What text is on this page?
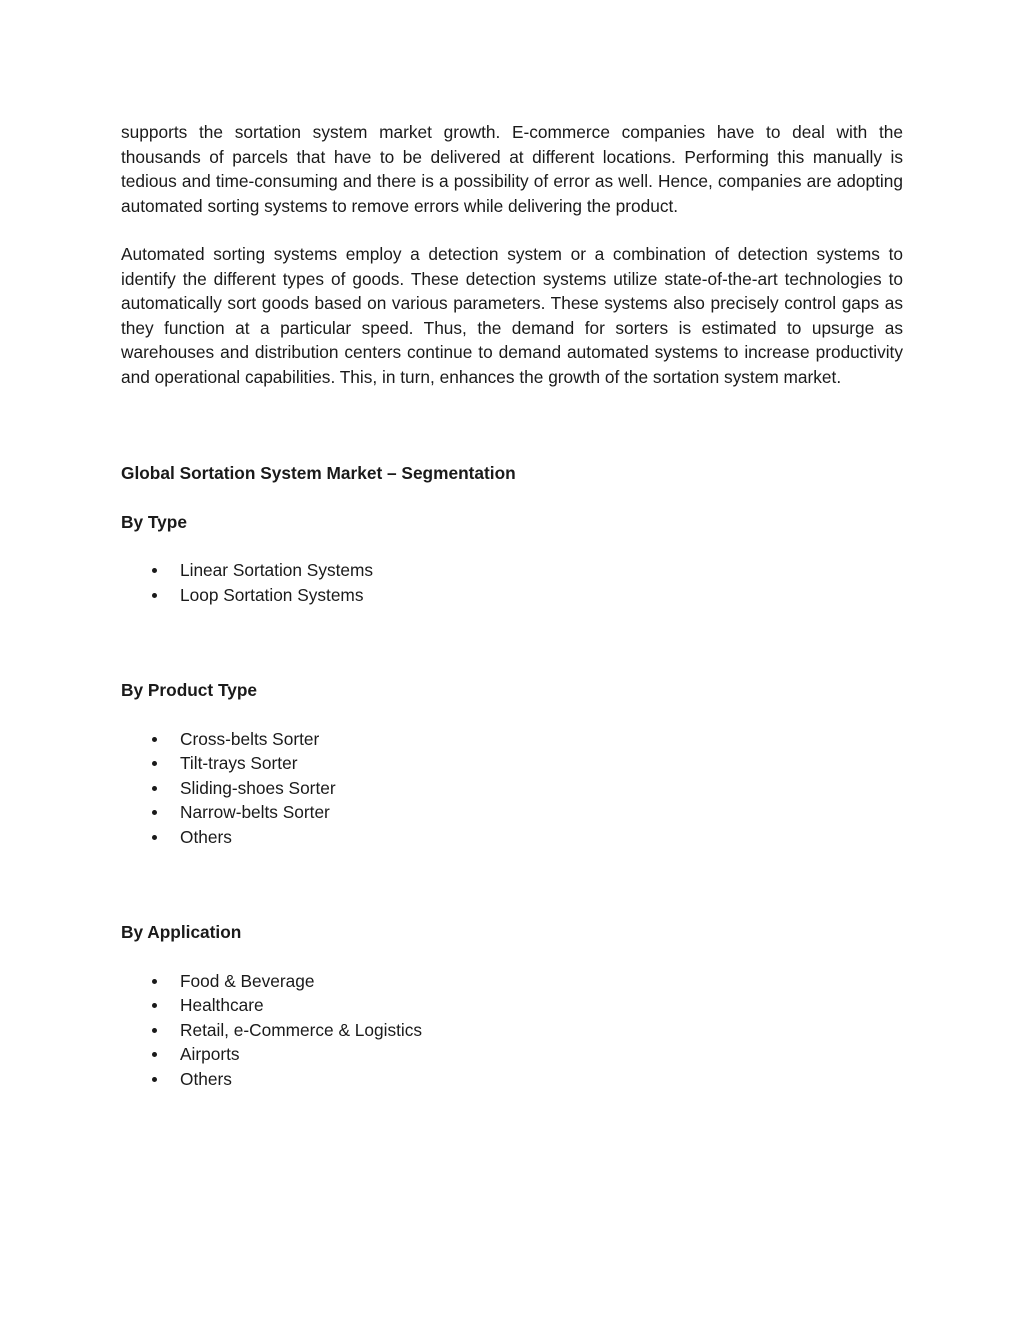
supports the sortation system market growth. E-commerce companies have to deal with the thousands of parcels that have to be delivered at different locations. Performing this manually is tedious and time-consuming and there is a possibility of error as well. Hence, companies are adopting automated sorting systems to remove errors while delivering the product.

Automated sorting systems employ a detection system or a combination of detection systems to identify the different types of goods. These detection systems utilize state-of-the-art technologies to automatically sort goods based on various parameters. These systems also precisely control gaps as they function at a particular speed. Thus, the demand for sorters is estimated to upsurge as warehouses and distribution centers continue to demand automated systems to increase productivity and operational capabilities. This, in turn, enhances the growth of the sortation system market.

Global Sortation System Market – Segmentation
By Type
Linear Sortation Systems
Loop Sortation Systems
By Product Type
Cross-belts Sorter
Tilt-trays Sorter
Sliding-shoes Sorter
Narrow-belts Sorter
Others
By Application
Food & Beverage
Healthcare
Retail, e-Commerce & Logistics
Airports
Others
